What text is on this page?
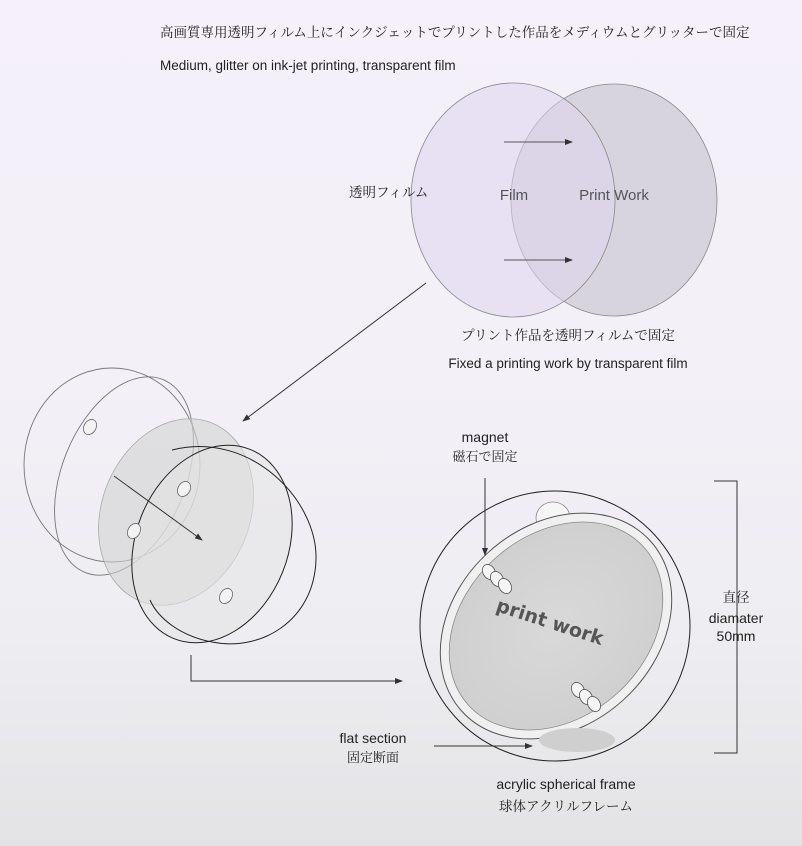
高画質専用透明フィルム上にインクジェットでプリントした作品をメディウムとグリッターで固定
Medium, glitter on ink-jet printing, transparent film
Film	Print Work
print work
透明フィルム
プリント作品を透明フィルムで固定
Fixed a printing work by transparent film
magnet
磁石で固定
直径
diamater
50mm
flat section
固定断面
acrylic spherical frame
球体アクリルフレーム
